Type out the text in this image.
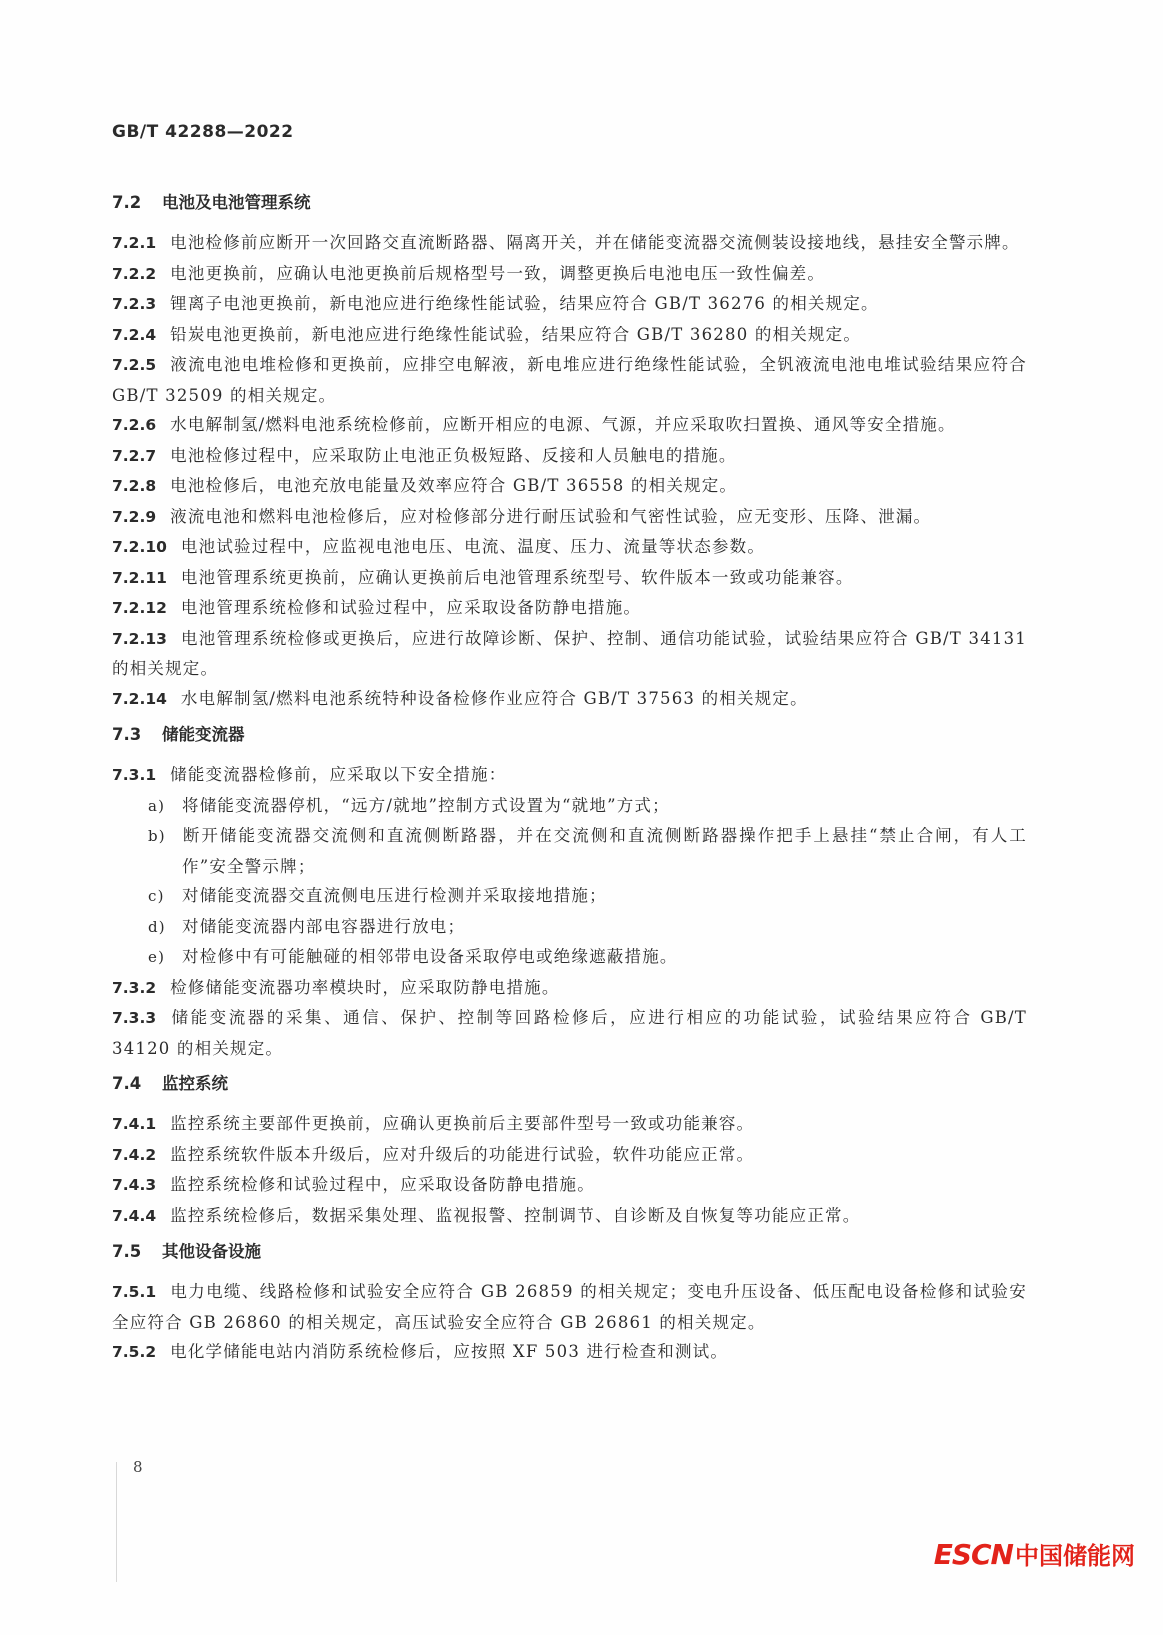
GB/T 42288—2022
7.2 电池及电池管理系统
7.2.1 电池检修前应断开一次回路交直流断路器、隔离开关，并在储能变流器交流侧装设接地线，悬挂安全警示牌。
7.2.2 电池更换前，应确认电池更换前后规格型号一致，调整更换后电池电压一致性偏差。
7.2.3 锂离子电池更换前，新电池应进行绝缘性能试验，结果应符合 GB/T 36276 的相关规定。
7.2.4 铅炭电池更换前，新电池应进行绝缘性能试验，结果应符合 GB/T 36280 的相关规定。
7.2.5 液流电池电堆检修和更换前，应排空电解液，新电堆应进行绝缘性能试验，全钒液流电池电堆试验结果应符合 GB/T 32509 的相关规定。
7.2.6 水电解制氢/燃料电池系统检修前，应断开相应的电源、气源，并应采取吹扫置换、通风等安全措施。
7.2.7 电池检修过程中，应采取防止电池正负极短路、反接和人员触电的措施。
7.2.8 电池检修后，电池充放电能量及效率应符合 GB/T 36558 的相关规定。
7.2.9 液流电池和燃料电池检修后，应对检修部分进行耐压试验和气密性试验，应无变形、压降、泄漏。
7.2.10 电池试验过程中，应监视电池电压、电流、温度、压力、流量等状态参数。
7.2.11 电池管理系统更换前，应确认更换前后电池管理系统型号、软件版本一致或功能兼容。
7.2.12 电池管理系统检修和试验过程中，应采取设备防静电措施。
7.2.13 电池管理系统检修或更换后，应进行故障诊断、保护、控制、通信功能试验，试验结果应符合 GB/T 34131 的相关规定。
7.2.14 水电解制氢/燃料电池系统特种设备检修作业应符合 GB/T 37563 的相关规定。
7.3 储能变流器
7.3.1 储能变流器检修前，应采取以下安全措施：
a) 将储能变流器停机，“远方/就地”控制方式设置为“就地”方式；
b) 断开储能变流器交流侧和直流侧断路器，并在交流侧和直流侧断路器操作把手上悬挂“禁止合闸，有人工作”安全警示牌；
c) 对储能变流器交直流侧电压进行检测并采取接地措施；
d) 对储能变流器内部电容器进行放电；
e) 对检修中有可能触碰的相邻带电设备采取停电或绝缘遮蔽措施。
7.3.2 检修储能变流器功率模块时，应采取防静电措施。
7.3.3 储能变流器的采集、通信、保护、控制等回路检修后，应进行相应的功能试验，试验结果应符合 GB/T 34120 的相关规定。
7.4 监控系统
7.4.1 监控系统主要部件更换前，应确认更换前后主要部件型号一致或功能兼容。
7.4.2 监控系统软件版本升级后，应对升级后的功能进行试验，软件功能应正常。
7.4.3 监控系统检修和试验过程中，应采取设备防静电措施。
7.4.4 监控系统检修后，数据采集处理、监视报警、控制调节、自诊断及自恢复等功能应正常。
7.5 其他设备设施
7.5.1 电力电缆、线路检修和试验安全应符合 GB 26859 的相关规定；变电升压设备、低压配电设备检修和试验安全应符合 GB 26860 的相关规定，高压试验安全应符合 GB 26861 的相关规定。
7.5.2 电化学储能电站内消防系统检修后，应按照 XF 503 进行检查和测试。
8
ESCN中国储能网
